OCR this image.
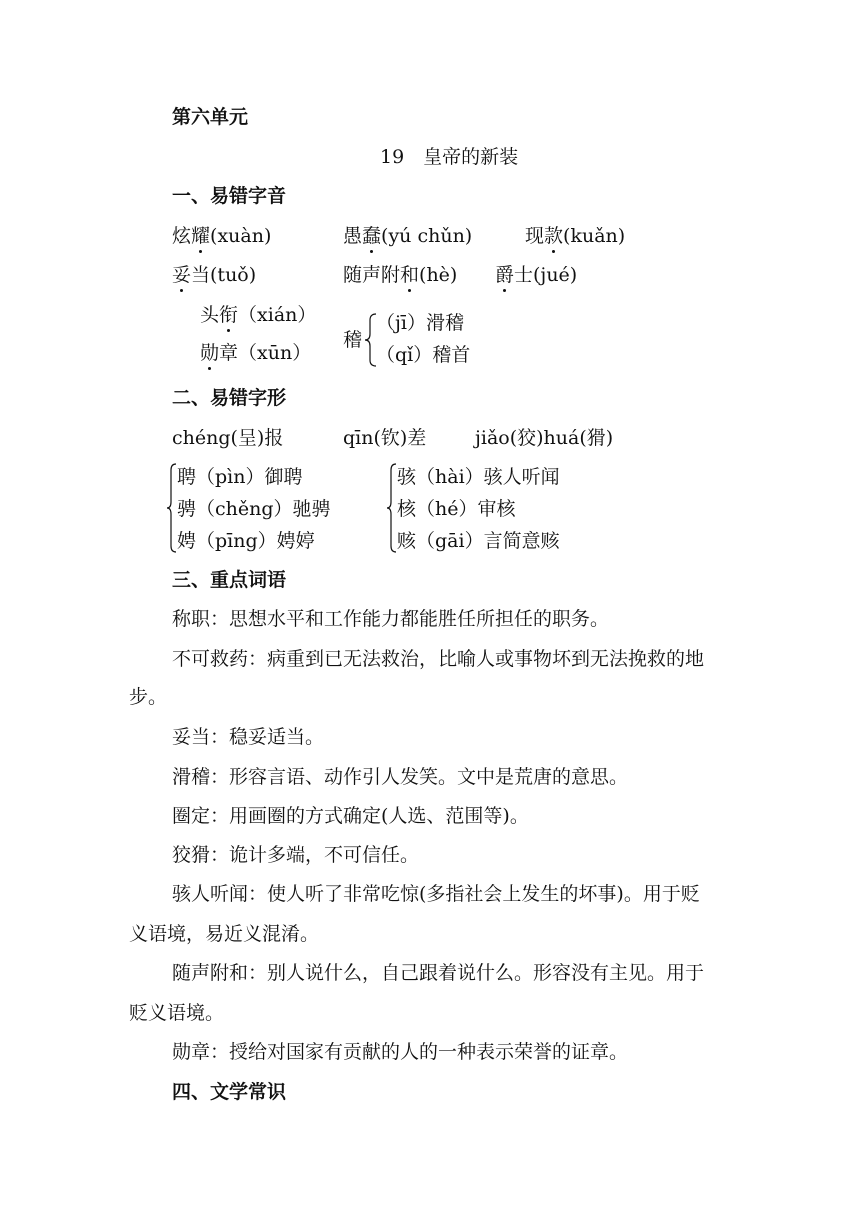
第六单元
19　皇帝的新装
一、易错字音
炫耀(xuàn)	愚蠢(yú chǔn)	现款(kuǎn)
妥当(tuǒ)	随声附和(hè) 爵士(jué)
头衔（xián）
勋章（xūn）
稽
（jī）滑稽
（qǐ）稽首
二、易错字形
chéng(呈)报	qīn(钦)差	jiǎo(狡)huá(猾)
聘（pìn）御聘
骋（chěng）驰骋
娉（pīng）娉婷
骇（hài）骇人听闻
核（hé）审核
赅（gāi）言简意赅
三、重点词语
称职：思想水平和工作能力都能胜任所担任的职务。
不可救药：病重到已无法救治，比喻人或事物坏到无法挽救的地
步。
妥当：稳妥适当。
滑稽：形容言语、动作引人发笑。文中是荒唐的意思。
圈定：用画圈的方式确定(人选、范围等)。
狡猾：诡计多端，不可信任。
骇人听闻：使人听了非常吃惊(多指社会上发生的坏事)。用于贬
义语境，易近义混淆。
随声附和：别人说什么，自己跟着说什么。形容没有主见。用于
贬义语境。
勋章：授给对国家有贡献的人的一种表示荣誉的证章。
四、文学常识
